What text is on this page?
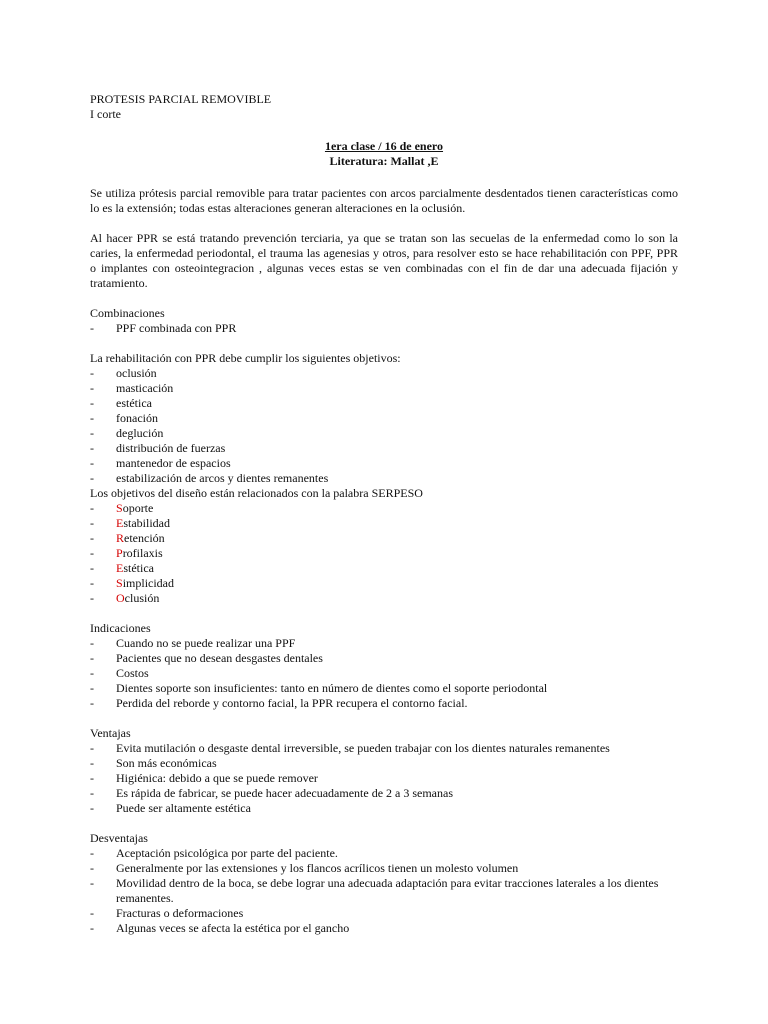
PROTESIS PARCIAL REMOVIBLE

I corte

1era clase / 16 de enero
Literatura: Mallat ,E

Se utiliza prótesis parcial removible para tratar pacientes con arcos parcialmente desdentados tienen características como lo es la extensión; todas estas alteraciones generan alteraciones en la oclusión.

Al hacer PPR se está tratando prevención terciaria, ya que se tratan son las secuelas de la enfermedad como lo son la caries, la enfermedad periodontal, el trauma las agenesias y otros, para resolver esto se hace rehabilitación con PPF, PPR o implantes con osteointegracion , algunas veces estas se ven combinadas con el fin de dar una adecuada fijación y tratamiento.

Combinaciones

-	PPF combinada con PPR

La rehabilitación con PPR debe cumplir los siguientes objetivos:

-	oclusión
-	masticación
-	estética
-	fonación
-	deglución
-	distribución de fuerzas
-	mantenedor de espacios
-	estabilización de arcos y dientes remanentes

Los objetivos del diseño están relacionados con la palabra SERPESO

-	Soporte
-	Estabilidad
-	Retención
-	Profilaxis
-	Estética
-	Simplicidad
-	Oclusión

Indicaciones

-	Cuando no se puede realizar una PPF
-	Pacientes que no desean desgastes dentales
-	Costos
-	Dientes soporte son insuficientes: tanto en número de dientes como el soporte periodontal
-	Perdida del reborde y contorno facial, la PPR recupera el contorno facial.

Ventajas

-	Evita mutilación o desgaste dental irreversible, se pueden trabajar con los dientes naturales remanentes
-	Son más económicas
-	Higiénica: debido a que se puede remover
-	Es rápida de fabricar, se puede hacer adecuadamente de 2 a 3 semanas
-	Puede ser altamente estética

Desventajas

-	Aceptación psicológica por parte del paciente.
-	Generalmente por las extensiones y los flancos acrílicos tienen un molesto volumen
-	Movilidad dentro de la boca, se debe lograr una adecuada adaptación para evitar tracciones laterales a los dientes remanentes.
-	Fracturas o deformaciones
-	Algunas veces se afecta la estética por el gancho
